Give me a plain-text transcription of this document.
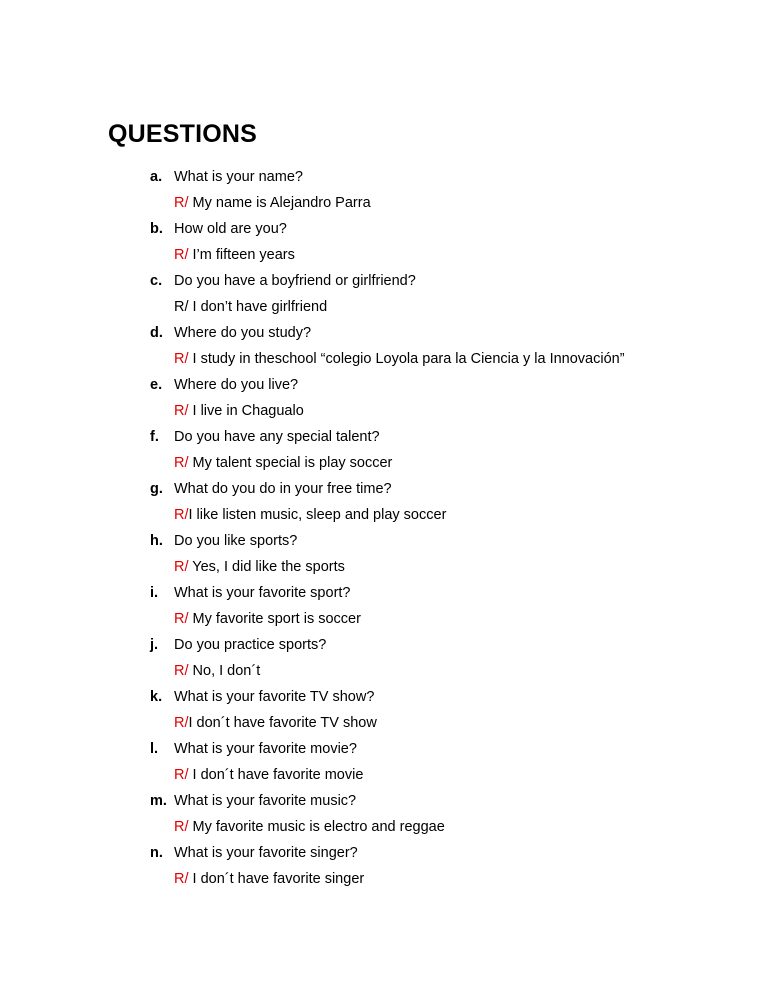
QUESTIONS
a. What is your name?
R/ My name is Alejandro Parra
b. How old are you?
R/ I’m fifteen years
c. Do you have a boyfriend or girlfriend?
R/ I don’t have girlfriend
d. Where do you study?
R/ I study in theschool “colegio Loyola para la Ciencia y la Innovación”
e. Where do you live?
R/ I live in Chagualo
f. Do you have any special talent?
R/ My talent special is play soccer
g. What do you do in your free time?
R/I like listen music, sleep and play soccer
h. Do you like sports?
R/ Yes, I did like the sports
i. What is your favorite sport?
R/ My favorite sport is soccer
j. Do you practice sports?
R/ No, I don´t
k. What is your favorite TV show?
R/I don´t have favorite TV show
l. What is your favorite movie?
R/ I don´t have favorite movie
m. What is your favorite music?
R/ My favorite music is electro and reggae
n. What is your favorite singer?
R/ I don´t have favorite singer
